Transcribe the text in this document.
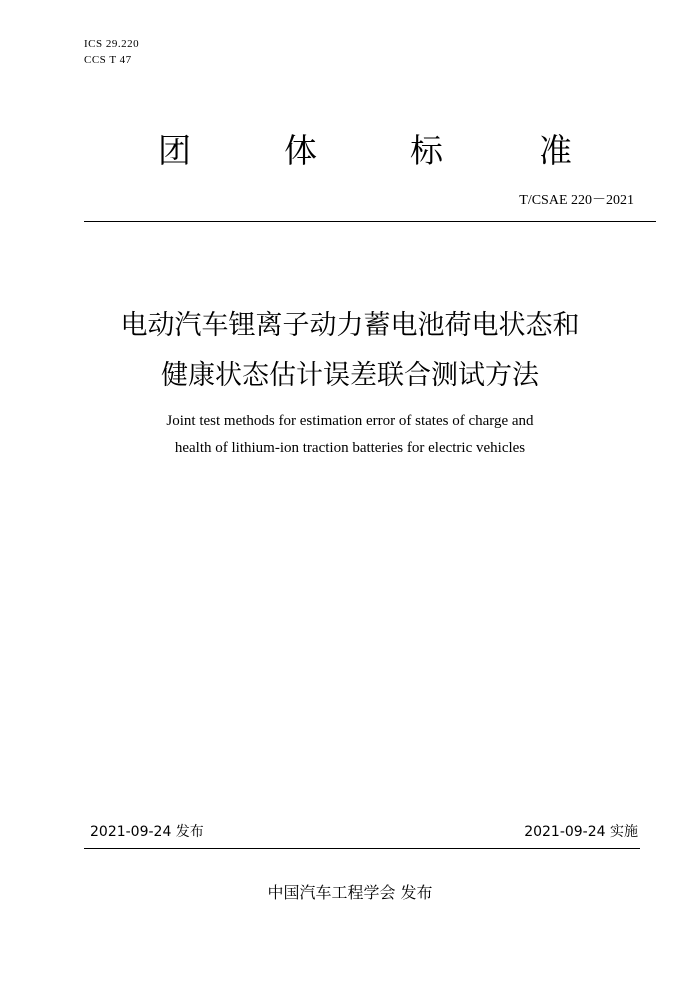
ICS 29.220
CCS T 47
团	体	标	准
T/CSAE 220－2021
电动汽车锂离子动力蓄电池荷电状态和
健康状态估计误差联合测试方法
Joint test methods for estimation error of states of charge and
health of lithium-ion traction batteries for electric vehicles
2021-09-24 发布	2021-09-24 实施
中国汽车工程学会 发布
